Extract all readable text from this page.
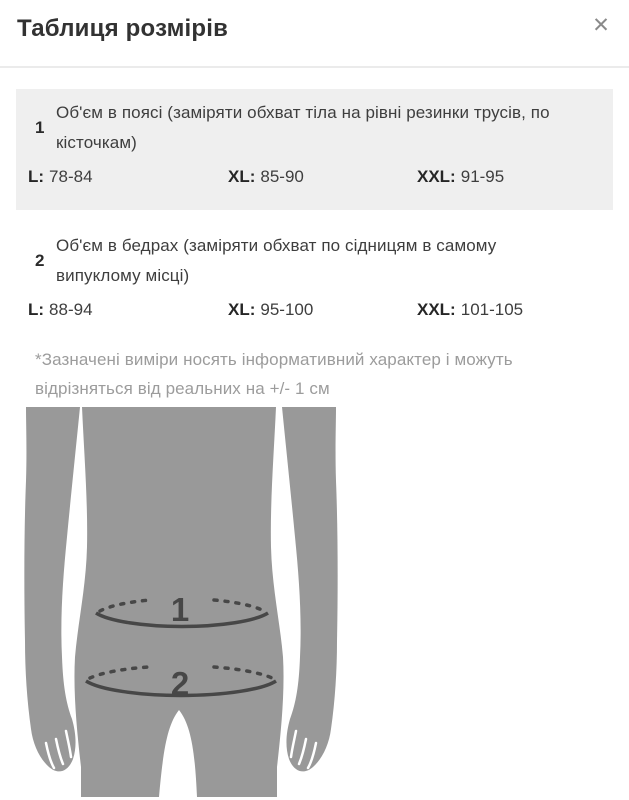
Таблиця розмірів	✕
1
Об'єм в поясі (заміряти обхват тіла на рівні резинки трусів, по
кісточкам)
L: 78-84	XL: 85-90	XXL: 91-95
2
Об'єм в бедрах (заміряти обхват по сідницям в самому
випуклому місці)
L: 88-94	XL: 95-100	XXL: 101-105
*Зазначені виміри носять інформативний характер і можуть
відрізняться від реальних на +/- 1 см
1
2
